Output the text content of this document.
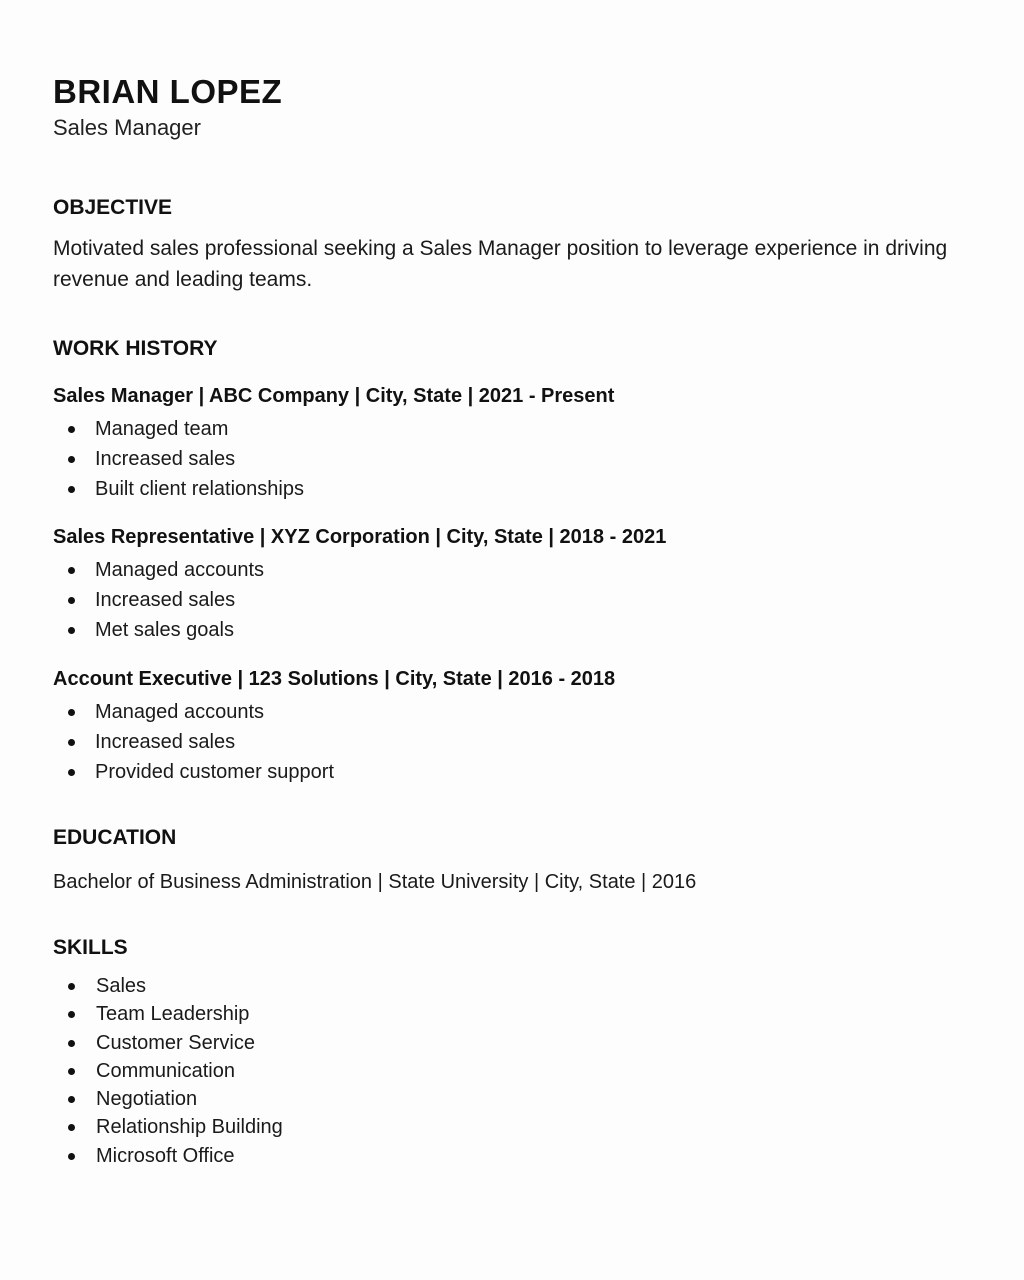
BRIAN LOPEZ
Sales Manager
OBJECTIVE
Motivated sales professional seeking a Sales Manager position to leverage experience in driving revenue and leading teams.
WORK HISTORY
Sales Manager | ABC Company | City, State | 2021 - Present
Managed team
Increased sales
Built client relationships
Sales Representative | XYZ Corporation | City, State | 2018 - 2021
Managed accounts
Increased sales
Met sales goals
Account Executive | 123 Solutions | City, State | 2016 - 2018
Managed accounts
Increased sales
Provided customer support
EDUCATION
Bachelor of Business Administration | State University | City, State | 2016
SKILLS
Sales
Team Leadership
Customer Service
Communication
Negotiation
Relationship Building
Microsoft Office
